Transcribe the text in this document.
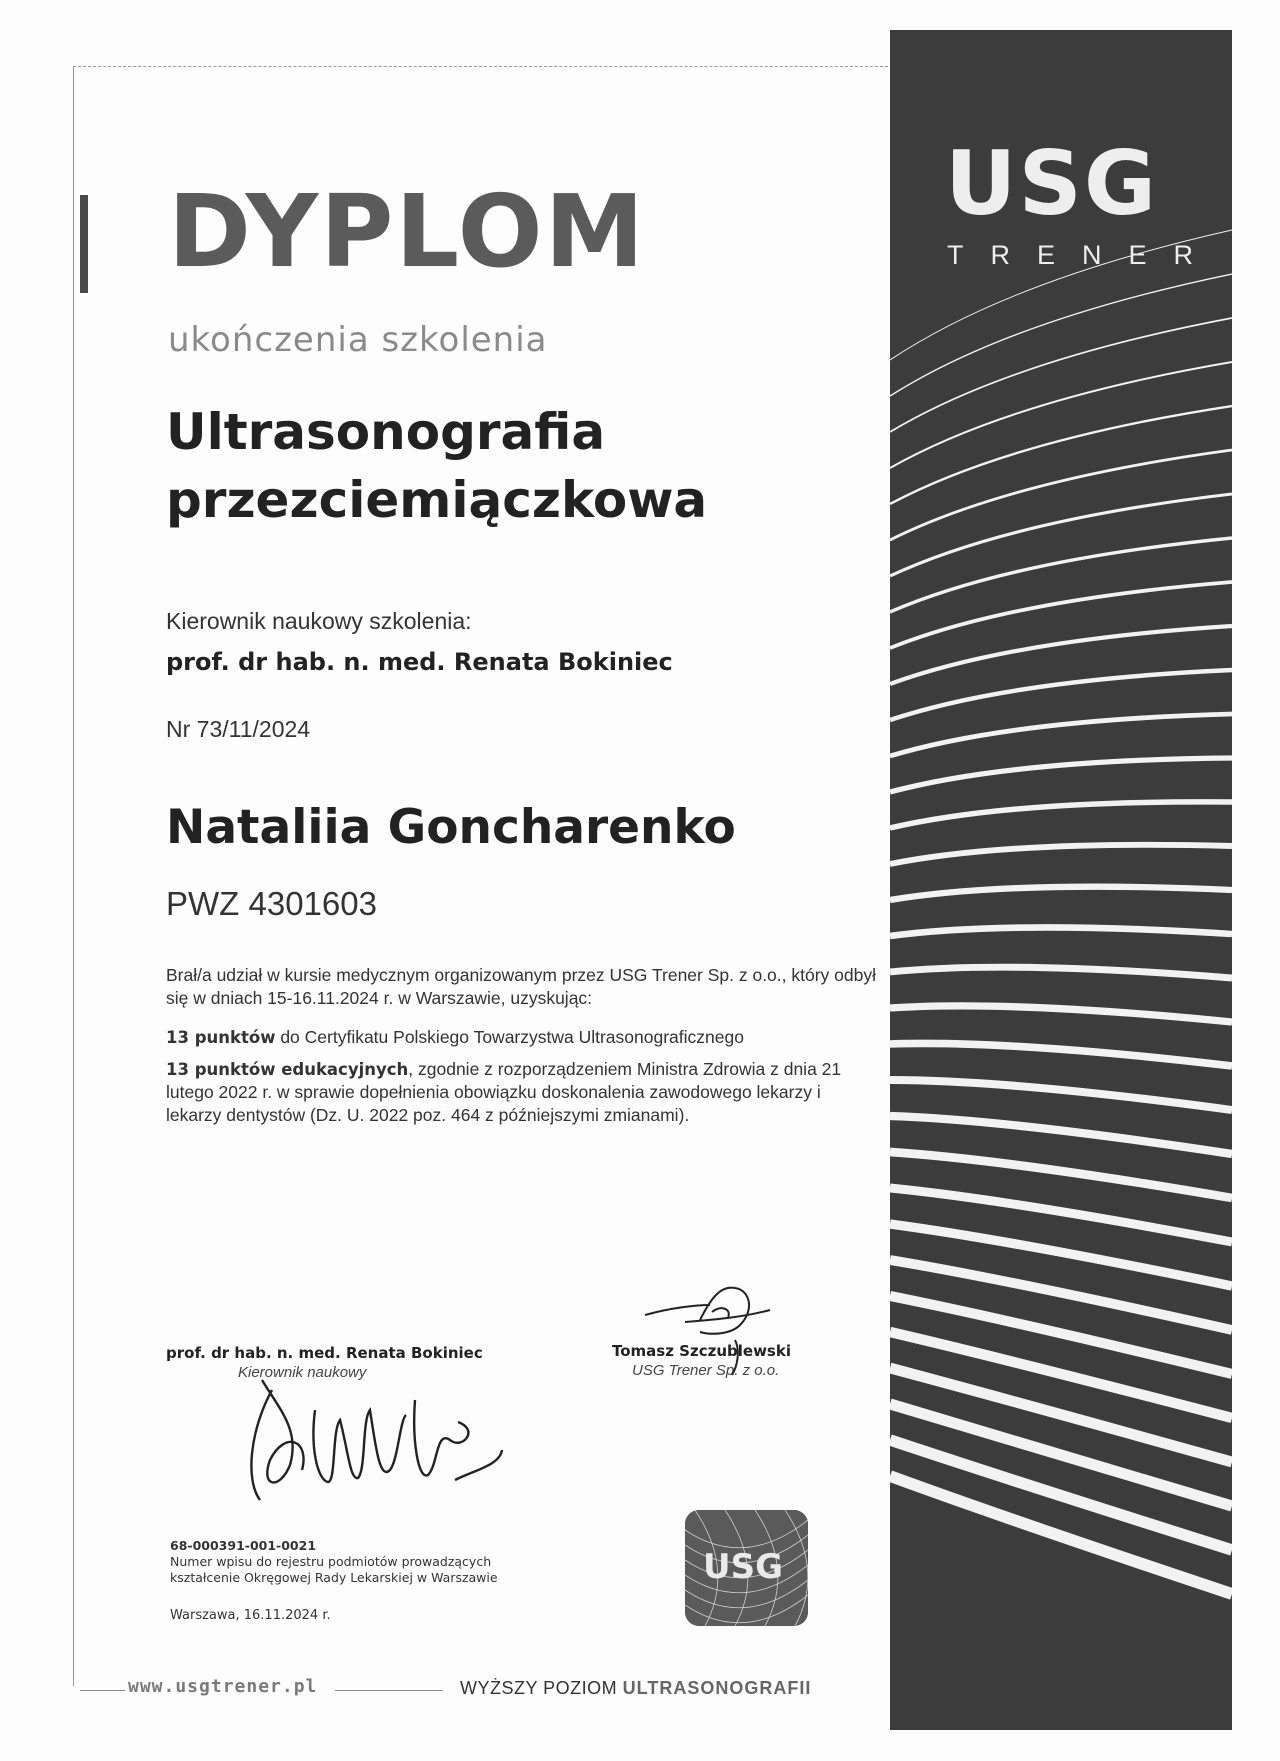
USG
TRENER
DYPLOM
ukończenia szkolenia
Ultrasonografia
przezciemiączkowa
Kierownik naukowy szkolenia:
prof. dr hab. n. med. Renata Bokiniec
Nr 73/11/2024
Nataliia Goncharenko
PWZ 4301603
Brał/a udział w kursie medycznym organizowanym przez USG Trener Sp. z o.o., który odbył się w dniach 15-16.11.2024 r. w Warszawie, uzyskując:
13 punktów do Certyfikatu Polskiego Towarzystwa Ultrasonograficznego
13 punktów edukacyjnych, zgodnie z rozporządzeniem Ministra Zdrowia z dnia 21 lutego 2022 r. w sprawie dopełnienia obowiązku doskonalenia zawodowego lekarzy i lekarzy dentystów (Dz. U. 2022 poz. 464 z późniejszymi zmianami).
prof. dr hab. n. med. Renata Bokiniec
Kierownik naukowy
Tomasz Szczublewski
USG Trener Sp. z o.o.
68-000391-001-0021
Numer wpisu do rejestru podmiotów prowadzących
kształcenie Okręgowej Rady Lekarskiej w Warszawie
Warszawa, 16.11.2024 r.
USG
www.usgtrener.pl	WYŻSZY POZIOM ULTRASONOGRAFII
